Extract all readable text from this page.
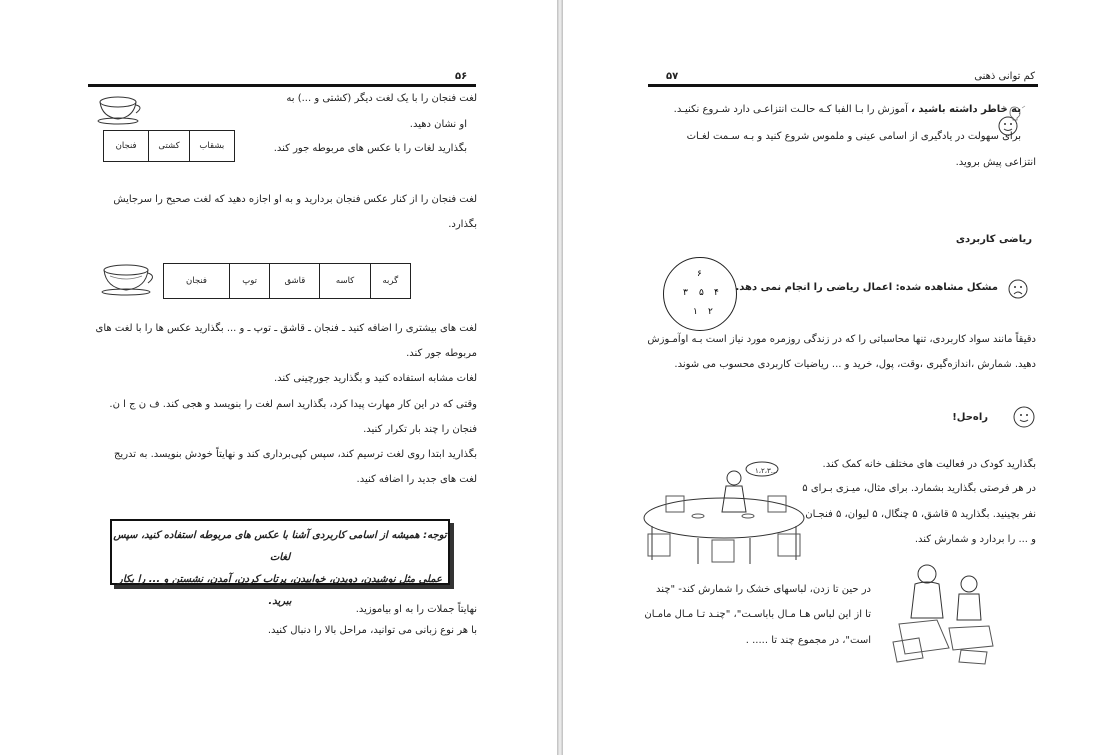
۵۶
لغت فنجان را با یک لغت دیگر (کشتی و ...) به
او نشان دهید.
بگذارید لغات را با عکس های مربوطه جور کند.
بشقاب
کشتی
فنجان
لغت فنجان را از کنار عکس فنجان بردارید و به او اجازه دهید که لغت صحیح را سرجایش
بگذارد.
گربه
کاسه
قاشق
توپ
فنجان
لغت های بیشتری را اضافه کنید ـ فنجان ـ قاشق ـ توپ ـ و ... بگذارید عکس ها را با لغت های
مربوطه جور کند.
لغات مشابه استفاده کنید و بگذارید جورچینی کند.
وقتی که در این کار مهارت پیدا کرد، بگذارید اسم لغت را بنویسد و هجی کند. ف ن ج ا ن.
فنجان را چند بار تکرار کنید.
بگذارید ابتدا روی لغت ترسیم کند، سپس کپی‌برداری کند و نهایتاً خودش بنویسد. به تدریج
لغت های جدید را اضافه کنید.
توجه: همیشه از اسامی کاربردی آشنا با عکس های مربوطه استفاده کنید، سپس لغات
عملی مثل نوشیدن، دویدن، خوابیدن، پرتاب کردن، آمدن، نشستن و ... را بکار ببرید.
نهایتاً جملات را به او بیاموزید.
با هر نوع زبانی می توانید، مراحل بالا را دنبال کنید.
۵۷	کم توانی ذهنی
به خاطر داشته باشید ، آموزش را بـا الفبا کـه حالـت انتزاعـی دارد شـروع نکنیـد.
برای سهولت در یادگیری از اسامی عینی و ملموس شروع کنید و بـه سـمت لغـات
انتزاعی پیش بروید.
ریاضی کاربردی
مشکل مشاهده شده: اعمال ریاضی را انجام نمی دهد.
دقیقاً مانند سواد کاربردی، تنها محاسباتی را که در زندگی روزمره مورد نیاز است بـه اوآمـوزش
دهید. شمارش ،اندازه‌گیری ،وقت، پول، خرید و ... ریاضیات کاربردی محسوب می شوند.
راه‌حل!
بگذارید کودک در فعالیت های مختلف خانه کمک کند.
در هر فرصتی بگذارید بشمارد. برای مثال، میـزی بـرای ۵
نفر بچینید. بگذارید ۵ قاشق، ۵ چنگال، ۵ لیوان، ۵ فنجـان
و ... را بردارد و شمارش کند.
۱،۲،۳...
در حین تا زدن، لباسهای خشک را شمارش کند- "چند
تا از این لباس هـا مـال باباسـت"، "چنـد تـا مـال مامـان
است"، در مجموع چند تا ..... .
۶
۳ ۵ ۴
۱ ۲
